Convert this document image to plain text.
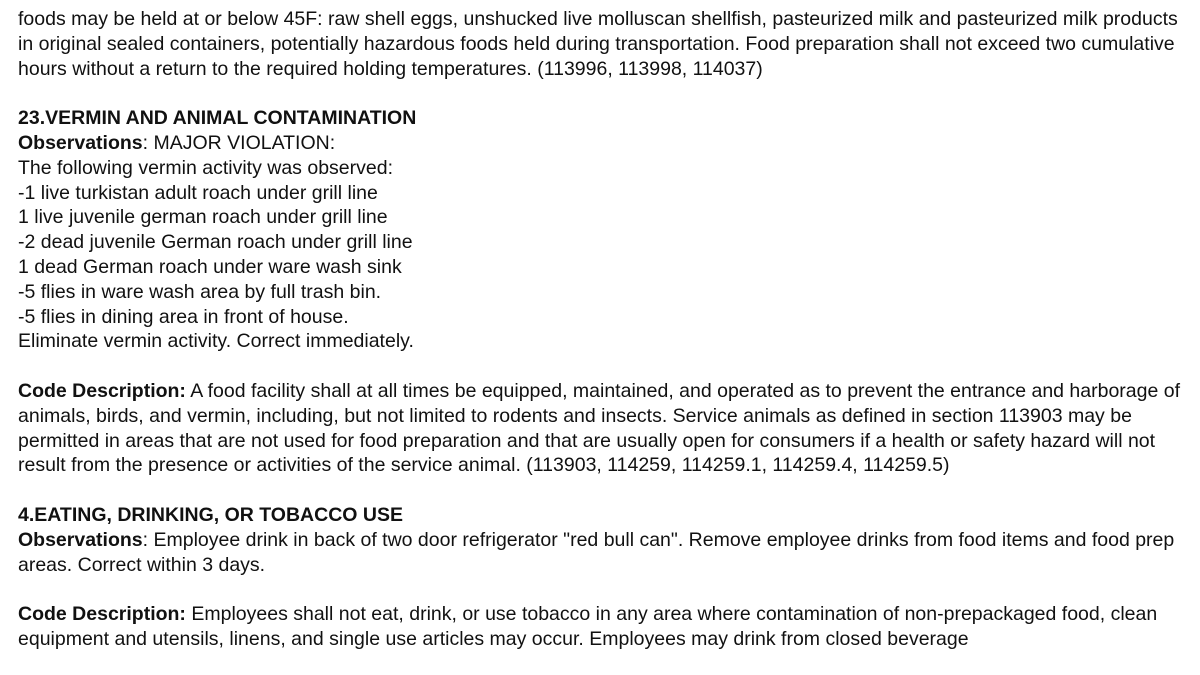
foods may be held at or below 45F: raw shell eggs, unshucked live molluscan shellfish, pasteurized milk and pasteurized milk products in original sealed containers, potentially hazardous foods held during transportation. Food preparation shall not exceed two cumulative hours without a return to the required holding temperatures. (113996, 113998, 114037)

23.VERMIN AND ANIMAL CONTAMINATION

Observations: MAJOR VIOLATION:

The following vermin activity was observed:

-1 live turkistan adult roach under grill line

1 live juvenile german roach under grill line

-2 dead juvenile German roach under grill line

1 dead German roach under ware wash sink

-5 flies in ware wash area by full trash bin.

-5 flies in dining area in front of house.

Eliminate vermin activity. Correct immediately.

Code Description: A food facility shall at all times be equipped, maintained, and operated as to prevent the entrance and harborage of animals, birds, and vermin, including, but not limited to rodents and insects. Service animals as defined in section 113903 may be permitted in areas that are not used for food preparation and that are usually open for consumers if a health or safety hazard will not result from the presence or activities of the service animal. (113903, 114259, 114259.1, 114259.4, 114259.5)

4.EATING, DRINKING, OR TOBACCO USE

Observations: Employee drink in back of two door refrigerator "red bull can". Remove employee drinks from food items and food prep areas. Correct within 3 days.

Code Description: Employees shall not eat, drink, or use tobacco in any area where contamination of non-prepackaged food, clean equipment and utensils, linens, and single use articles may occur. Employees may drink from closed beverage
